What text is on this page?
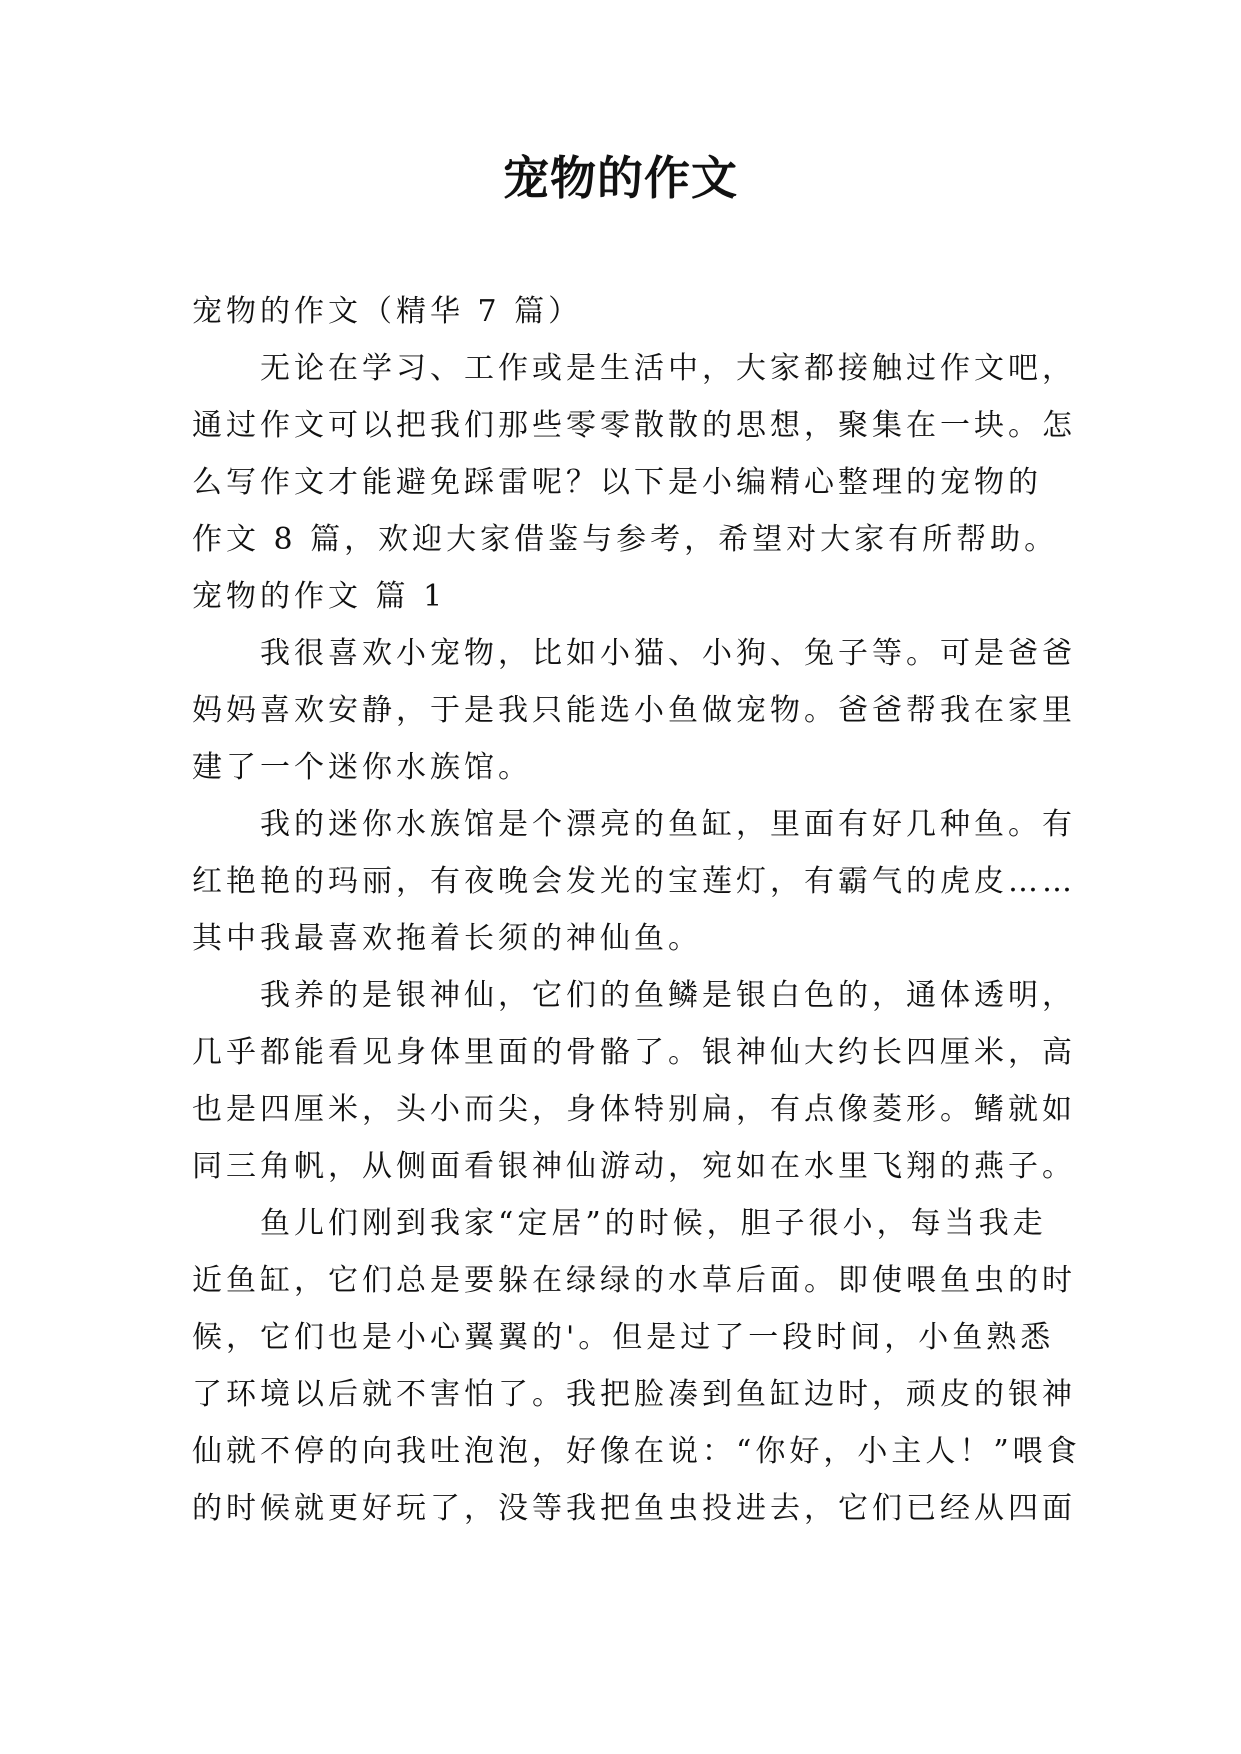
宠物的作文

宠物的作文（精华 7 篇）

无论在学习、工作或是生活中，大家都接触过作文吧，

通过作文可以把我们那些零零散散的思想，聚集在一块。怎

么写作文才能避免踩雷呢？以下是小编精心整理的宠物的

作文 8 篇，欢迎大家借鉴与参考，希望对大家有所帮助。

宠物的作文 篇 1

我很喜欢小宠物，比如小猫、小狗、兔子等。可是爸爸

妈妈喜欢安静，于是我只能选小鱼做宠物。爸爸帮我在家里

建了一个迷你水族馆。

我的迷你水族馆是个漂亮的鱼缸，里面有好几种鱼。有

红艳艳的玛丽，有夜晚会发光的宝莲灯，有霸气的虎皮……

其中我最喜欢拖着长须的神仙鱼。

我养的是银神仙，它们的鱼鳞是银白色的，通体透明，

几乎都能看见身体里面的骨骼了。银神仙大约长四厘米，高

也是四厘米，头小而尖，身体特别扁，有点像菱形。鳍就如

同三角帆，从侧面看银神仙游动，宛如在水里飞翔的燕子。

鱼儿们刚到我家“定居”的时候，胆子很小，每当我走

近鱼缸，它们总是要躲在绿绿的水草后面。即使喂鱼虫的时

候，它们也是小心翼翼的'。但是过了一段时间，小鱼熟悉

了环境以后就不害怕了。我把脸凑到鱼缸边时，顽皮的银神

仙就不停的向我吐泡泡，好像在说：“你好，小主人！”喂食

的时候就更好玩了，没等我把鱼虫投进去，它们已经从四面
